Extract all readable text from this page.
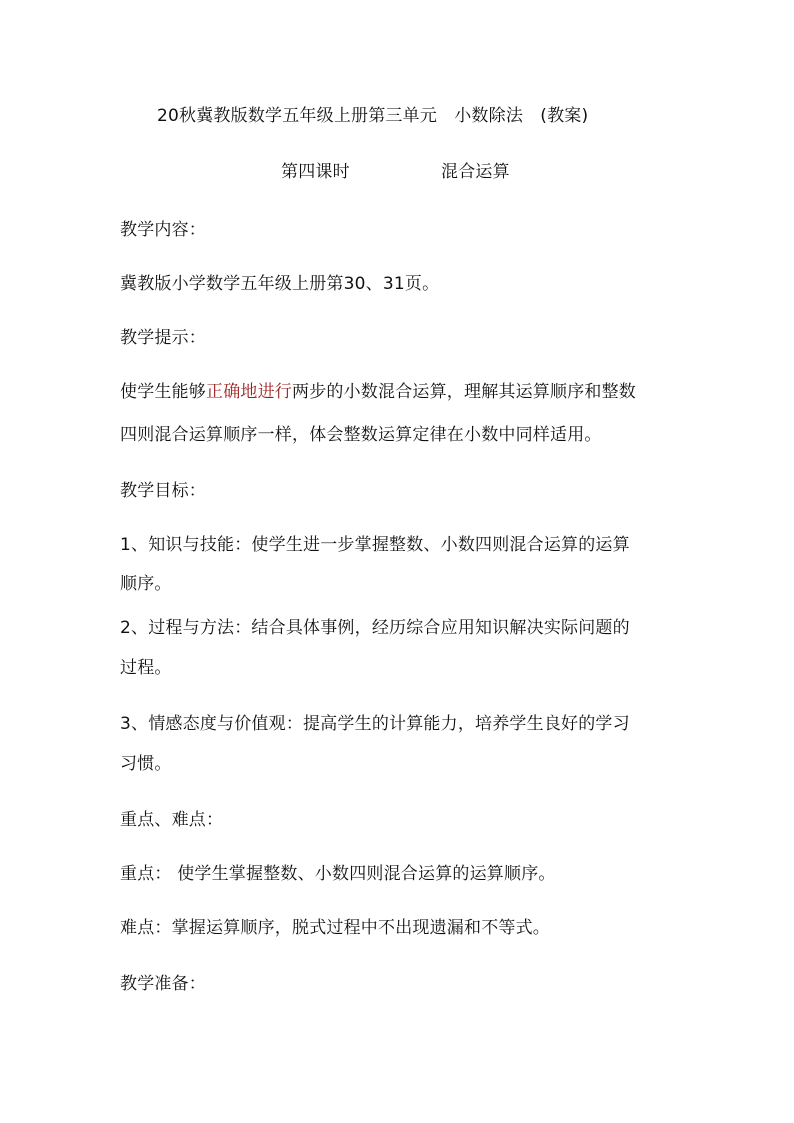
20秋冀教版数学五年级上册第三单元　小数除法　(教案)
第四课时	混合运算
教学内容：
冀教版小学数学五年级上册第30、31页。
教学提示：
使学生能够正确地进行两步的小数混合运算，理解其运算顺序和整数
四则混合运算顺序一样，体会整数运算定律在小数中同样适用。
教学目标：
1、知识与技能：使学生进一步掌握整数、小数四则混合运算的运算
顺序。
2、过程与方法：结合具体事例，经历综合应用知识解决实际问题的
过程。
3、情感态度与价值观：提高学生的计算能力，培养学生良好的学习
习惯。
重点、难点：
重点： 使学生掌握整数、小数四则混合运算的运算顺序。
难点：掌握运算顺序，脱式过程中不出现遗漏和不等式。
教学准备：
